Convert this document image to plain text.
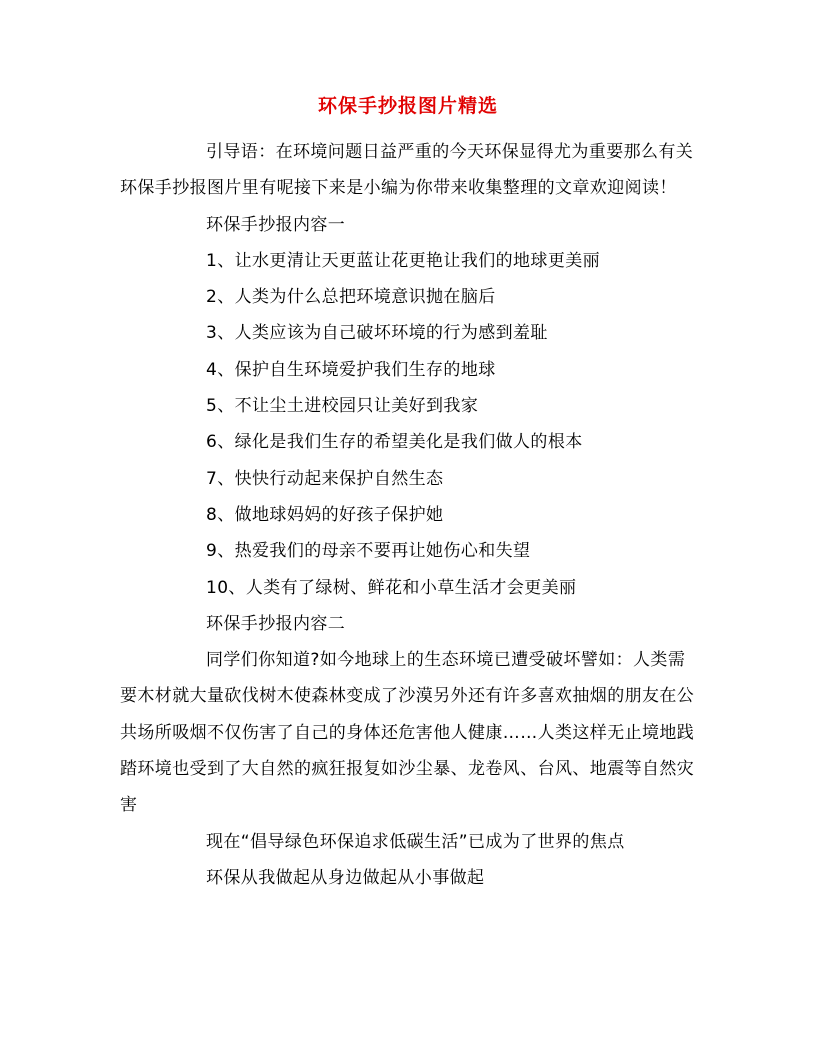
环保手抄报图片精选

引导语：在环境问题日益严重的今天环保显得尤为重要那么有关环保手抄报图片里有呢接下来是小编为你带来收集整理的文章欢迎阅读！

环保手抄报内容一

1、让水更清让天更蓝让花更艳让我们的地球更美丽

2、人类为什么总把环境意识抛在脑后

3、人类应该为自己破坏环境的行为感到羞耻

4、保护自生环境爱护我们生存的地球

5、不让尘土进校园只让美好到我家

6、绿化是我们生存的希望美化是我们做人的根本

7、快快行动起来保护自然生态

8、做地球妈妈的好孩子保护她

9、热爱我们的母亲不要再让她伤心和失望

10、人类有了绿树、鲜花和小草生活才会更美丽

环保手抄报内容二

同学们你知道?如今地球上的生态环境已遭受破坏譬如：人类需要木材就大量砍伐树木使森林变成了沙漠另外还有许多喜欢抽烟的朋友在公共场所吸烟不仅伤害了自己的身体还危害他人健康……人类这样无止境地践踏环境也受到了大自然的疯狂报复如沙尘暴、龙卷风、台风、地震等自然灾害

现在“倡导绿色环保追求低碳生活”已成为了世界的焦点

环保从我做起从身边做起从小事做起
